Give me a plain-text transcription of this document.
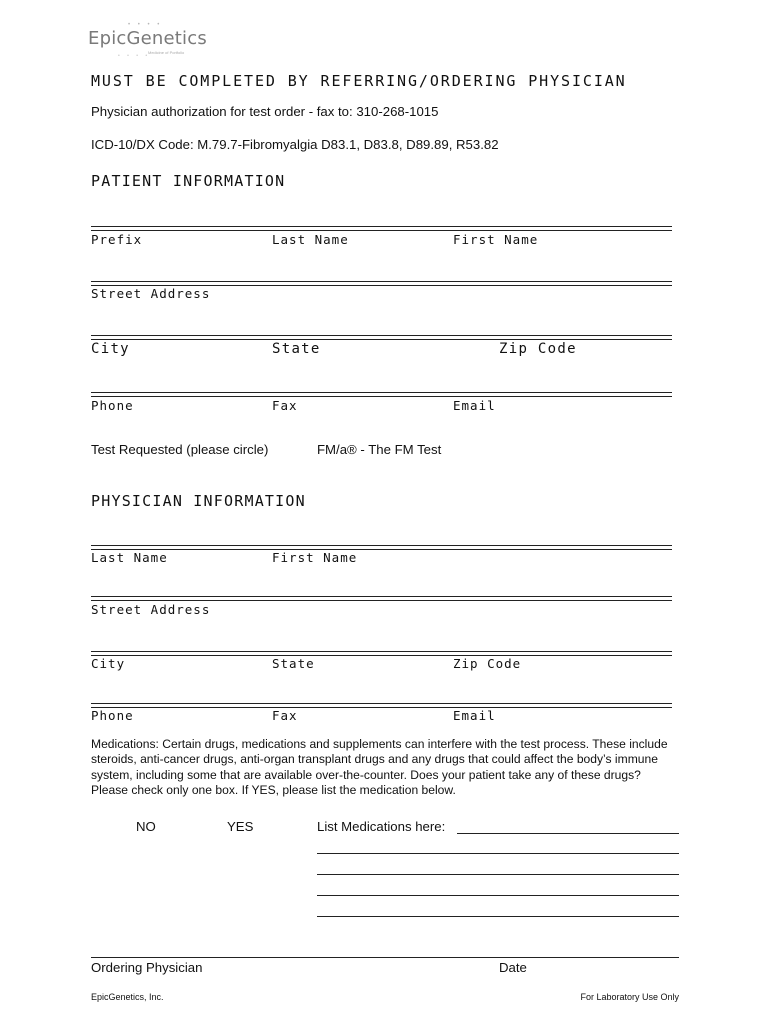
• • • •
EpicGenetics
Medicine of Portfolio
• • • •
MUST BE COMPLETED BY REFERRING/ORDERING PHYSICIAN
Physician authorization for test order - fax to: 310-268-1015
ICD-10/DX Code: M.79.7-Fibromyalgia D83.1, D83.8, D89.89, R53.82
PATIENT INFORMATION
Prefix	Last Name	First Name
Street Address
City	State	Zip Code
Phone	Fax	Email
Test Requested (please circle)	FM/a® - The FM Test
PHYSICIAN INFORMATION
Last Name	First Name
Street Address
City	State	Zip Code
Phone	Fax	Email
Medications: Certain drugs, medications and supplements can interfere with the test process. These include steroids, anti-cancer drugs, anti-organ transplant drugs and any drugs that could affect the body’s immune system, including some that are available over-the-counter. Does your patient take any of these drugs? Please check only one box. If YES, please list the medication below.
NO	YES	List Medications here:
Ordering Physician	Date
EpicGenetics, Inc.	For Laboratory Use Only
